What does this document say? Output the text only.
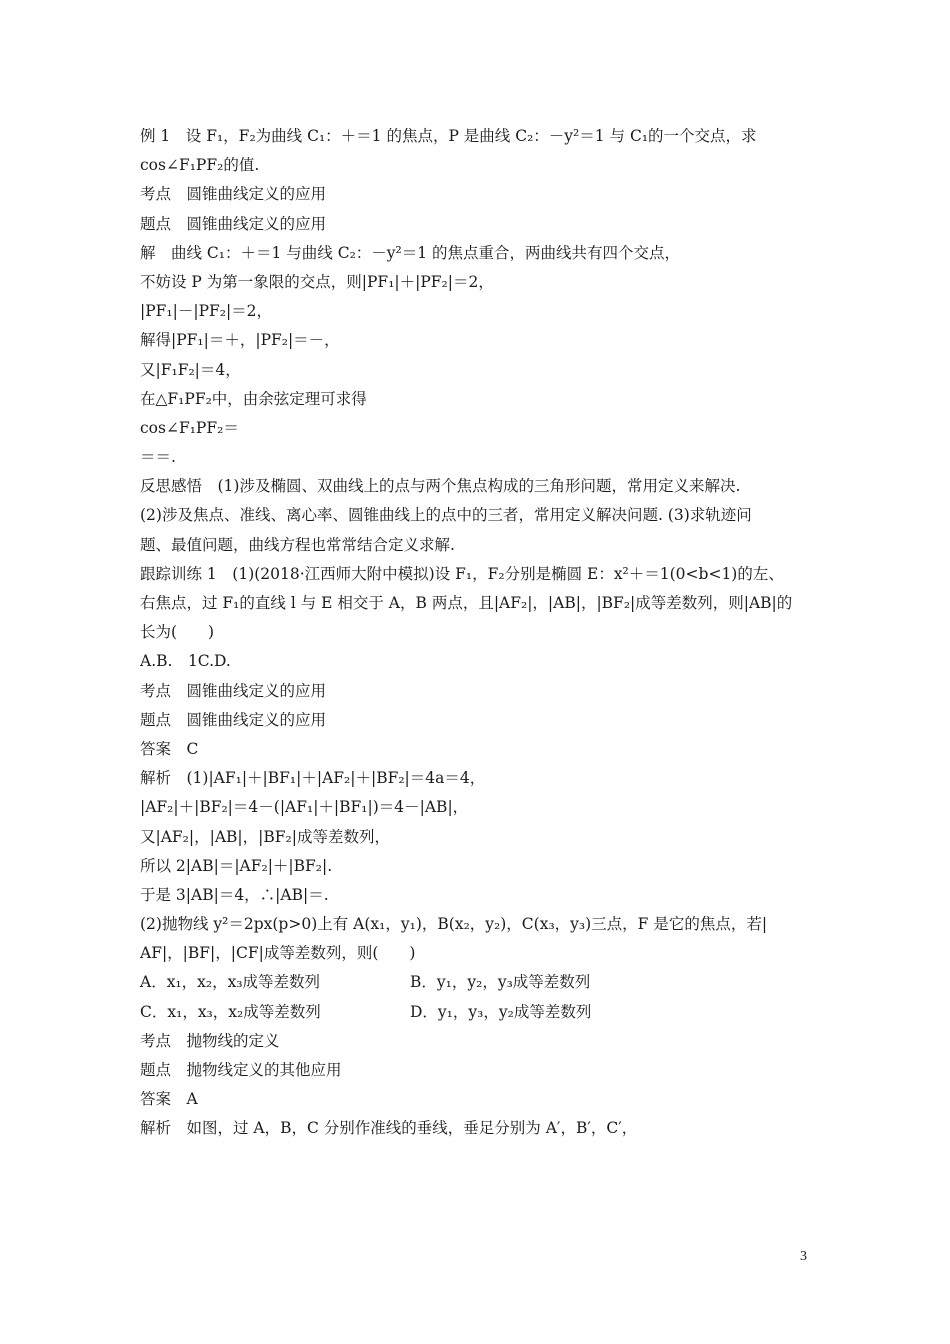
例 1　设 F₁，F₂为曲线 C₁：＋＝1 的焦点，P 是曲线 C₂：－y²＝1 与 C₁的一个交点，求
cos∠F₁PF₂的值.
考点　圆锥曲线定义的应用
题点　圆锥曲线定义的应用
解　曲线 C₁：＋＝1 与曲线 C₂：－y²＝1 的焦点重合，两曲线共有四个交点，
不妨设 P 为第一象限的交点，则|PF₁|＋|PF₂|＝2，
|PF₁|－|PF₂|＝2，
解得|PF₁|＝＋，|PF₂|＝－，
又|F₁F₂|＝4，
在△F₁PF₂中，由余弦定理可求得
cos∠F₁PF₂＝
＝＝.
反思感悟　(1)涉及椭圆、双曲线上的点与两个焦点构成的三角形问题，常用定义来解决.
(2)涉及焦点、准线、离心率、圆锥曲线上的点中的三者，常用定义解决问题. (3)求轨迹问
题、最值问题，曲线方程也常常结合定义求解.
跟踪训练 1　(1)(2018·江西师大附中模拟)设 F₁，F₂分别是椭圆 E：x²＋＝1(0<b<1)的左、
右焦点，过 F₁的直线 l 与 E 相交于 A，B 两点，且|AF₂|，|AB|，|BF₂|成等差数列，则|AB|的
长为(　　)
A.B.　1C.D.
考点　圆锥曲线定义的应用
题点　圆锥曲线定义的应用
答案　C
解析　(1)|AF₁|＋|BF₁|＋|AF₂|＋|BF₂|＝4a＝4，
|AF₂|＋|BF₂|＝4－(|AF₁|＋|BF₁|)＝4－|AB|，
又|AF₂|，|AB|，|BF₂|成等差数列，
所以 2|AB|＝|AF₂|＋|BF₂|.
于是 3|AB|＝4，∴|AB|＝.
(2)抛物线 y²＝2px(p>0)上有 A(x₁，y₁)，B(x₂，y₂)，C(x₃，y₃)三点，F 是它的焦点，若|
AF|，|BF|，|CF|成等差数列，则(　　)
A．x₁，x₂，x₃成等差数列	B．y₁，y₂，y₃成等差数列
C．x₁，x₃，x₂成等差数列	D．y₁，y₃，y₂成等差数列
考点　抛物线的定义
题点　抛物线定义的其他应用
答案　A
解析　如图，过 A，B，C 分别作准线的垂线，垂足分别为 A′，B′，C′，
3
